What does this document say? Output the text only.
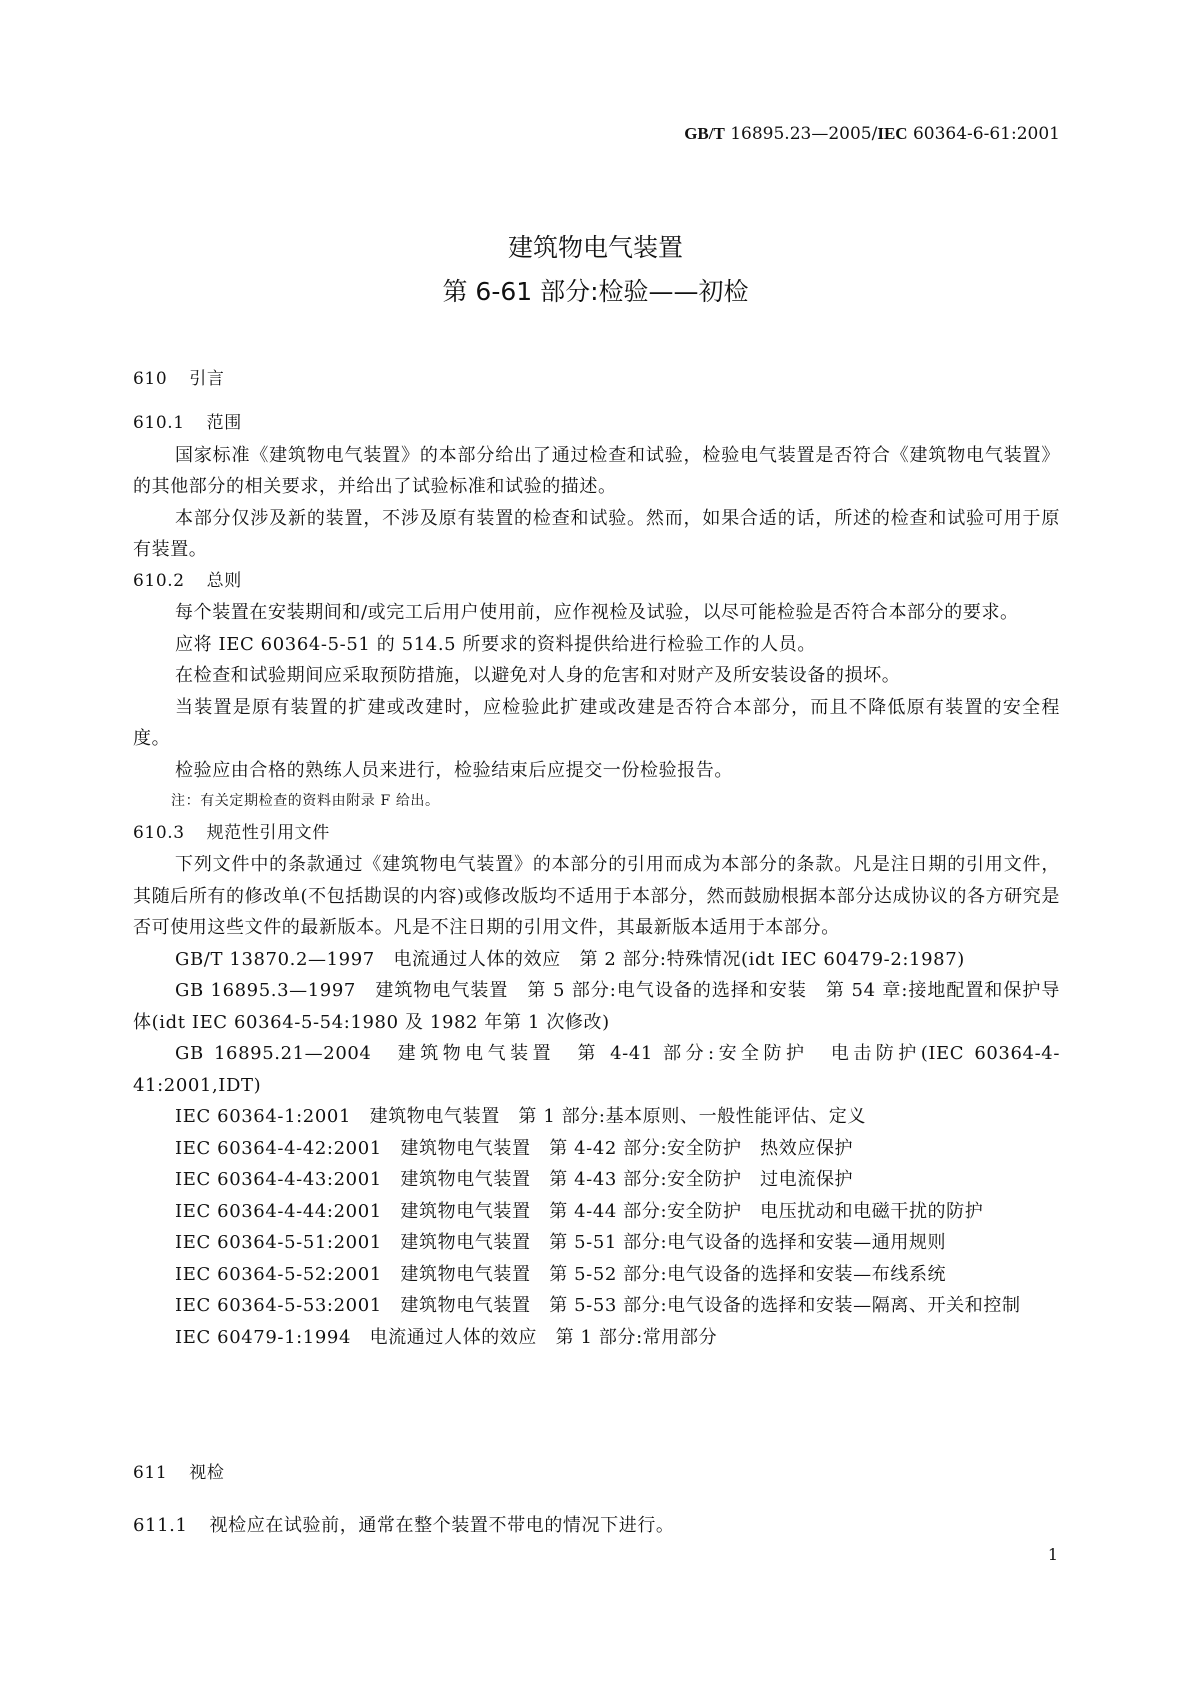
GB/T 16895.23—2005/IEC 60364-6-61:2001
建筑物电气装置
第 6-61 部分:检验——初检
610 引言
610.1 范围
国家标准《建筑物电气装置》的本部分给出了通过检查和试验，检验电气装置是否符合《建筑物电气装置》的其他部分的相关要求，并给出了试验标准和试验的描述。
本部分仅涉及新的装置，不涉及原有装置的检查和试验。然而，如果合适的话，所述的检查和试验可用于原有装置。
610.2 总则
每个装置在安装期间和/或完工后用户使用前，应作视检及试验，以尽可能检验是否符合本部分的要求。
应将 IEC 60364-5-51 的 514.5 所要求的资料提供给进行检验工作的人员。
在检查和试验期间应采取预防措施，以避免对人身的危害和对财产及所安装设备的损坏。
当装置是原有装置的扩建或改建时，应检验此扩建或改建是否符合本部分，而且不降低原有装置的安全程度。
检验应由合格的熟练人员来进行，检验结束后应提交一份检验报告。
注：有关定期检查的资料由附录 F 给出。
610.3 规范性引用文件
下列文件中的条款通过《建筑物电气装置》的本部分的引用而成为本部分的条款。凡是注日期的引用文件，其随后所有的修改单(不包括勘误的内容)或修改版均不适用于本部分，然而鼓励根据本部分达成协议的各方研究是否可使用这些文件的最新版本。凡是不注日期的引用文件，其最新版本适用于本部分。
GB/T 13870.2—1997　电流通过人体的效应　第 2 部分:特殊情况(idt IEC 60479-2:1987)
GB 16895.3—1997　建筑物电气装置　第 5 部分:电气设备的选择和安装　第 54 章:接地配置和保护导体(idt IEC 60364-5-54:1980 及 1982 年第 1 次修改)
GB 16895.21—2004　建筑物电气装置　第 4-41 部分:安全防护　电击防护(IEC 60364-4-41:2001,IDT)
IEC 60364-1:2001　建筑物电气装置　第 1 部分:基本原则、一般性能评估、定义
IEC 60364-4-42:2001　建筑物电气装置　第 4-42 部分:安全防护　热效应保护
IEC 60364-4-43:2001　建筑物电气装置　第 4-43 部分:安全防护　过电流保护
IEC 60364-4-44:2001　建筑物电气装置　第 4-44 部分:安全防护　电压扰动和电磁干扰的防护
IEC 60364-5-51:2001　建筑物电气装置　第 5-51 部分:电气设备的选择和安装—通用规则
IEC 60364-5-52:2001　建筑物电气装置　第 5-52 部分:电气设备的选择和安装—布线系统
IEC 60364-5-53:2001　建筑物电气装置　第 5-53 部分:电气设备的选择和安装—隔离、开关和控制
IEC 60479-1:1994　电流通过人体的效应　第 1 部分:常用部分
611 视检
611.1 视检应在试验前，通常在整个装置不带电的情况下进行。
1
